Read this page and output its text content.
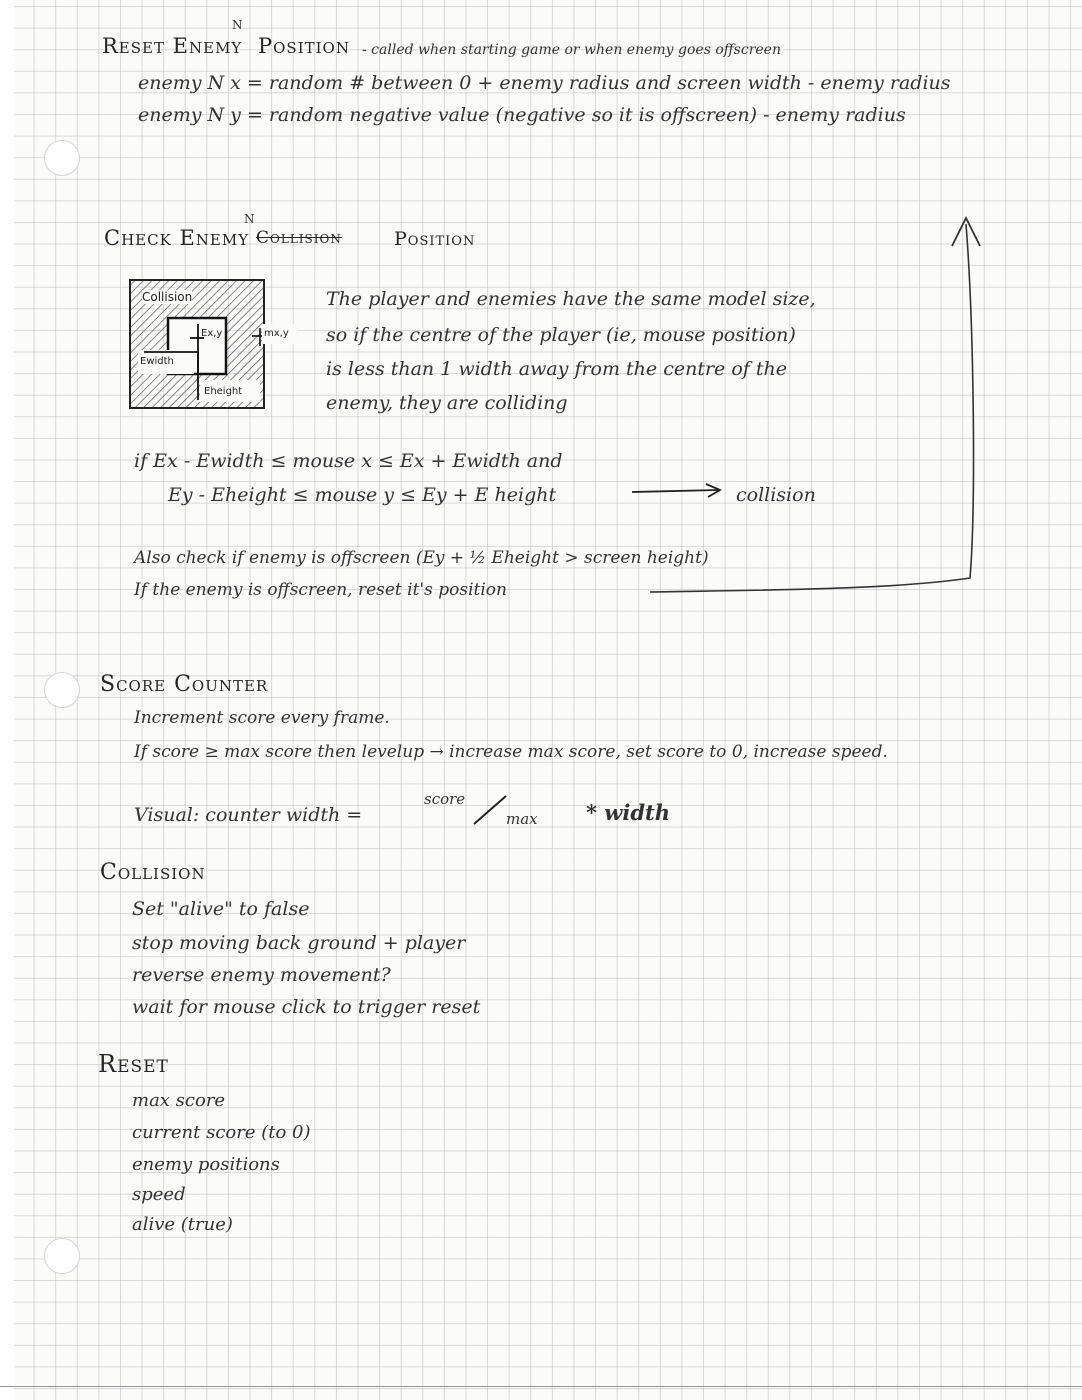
Reset Enemy
N
Position - called when starting game or when enemy goes offscreen
enemy N x = random # between 0 + enemy radius and screen width - enemy radius
enemy N y = random negative value (negative so it is offscreen) - enemy radius
Check Enemy
N
Collision	Position
Collision
Ex,y	mx,y
Ewidth
Eheight
The player and enemies have the same model size,
so if the centre of the player (ie, mouse position)
is less than 1 width away from the centre of the
enemy, they are colliding
if Ex - Ewidth ≤ mouse x ≤ Ex + Ewidth and
Ey - Eheight ≤ mouse y ≤ Ey + E height	collision
Also check if enemy is offscreen (Ey + ½ Eheight > screen height)
If the enemy is offscreen, reset it's position
Score Counter
Increment score every frame.
If score ≥ max score then levelup → increase max score, set score to 0, increase speed.
Visual: counter width =
score
max * width
Collision
Set "alive" to false
stop moving back ground + player
reverse enemy movement?
wait for mouse click to trigger reset
Reset
max score
current score (to 0)
enemy positions
speed
alive (true)
